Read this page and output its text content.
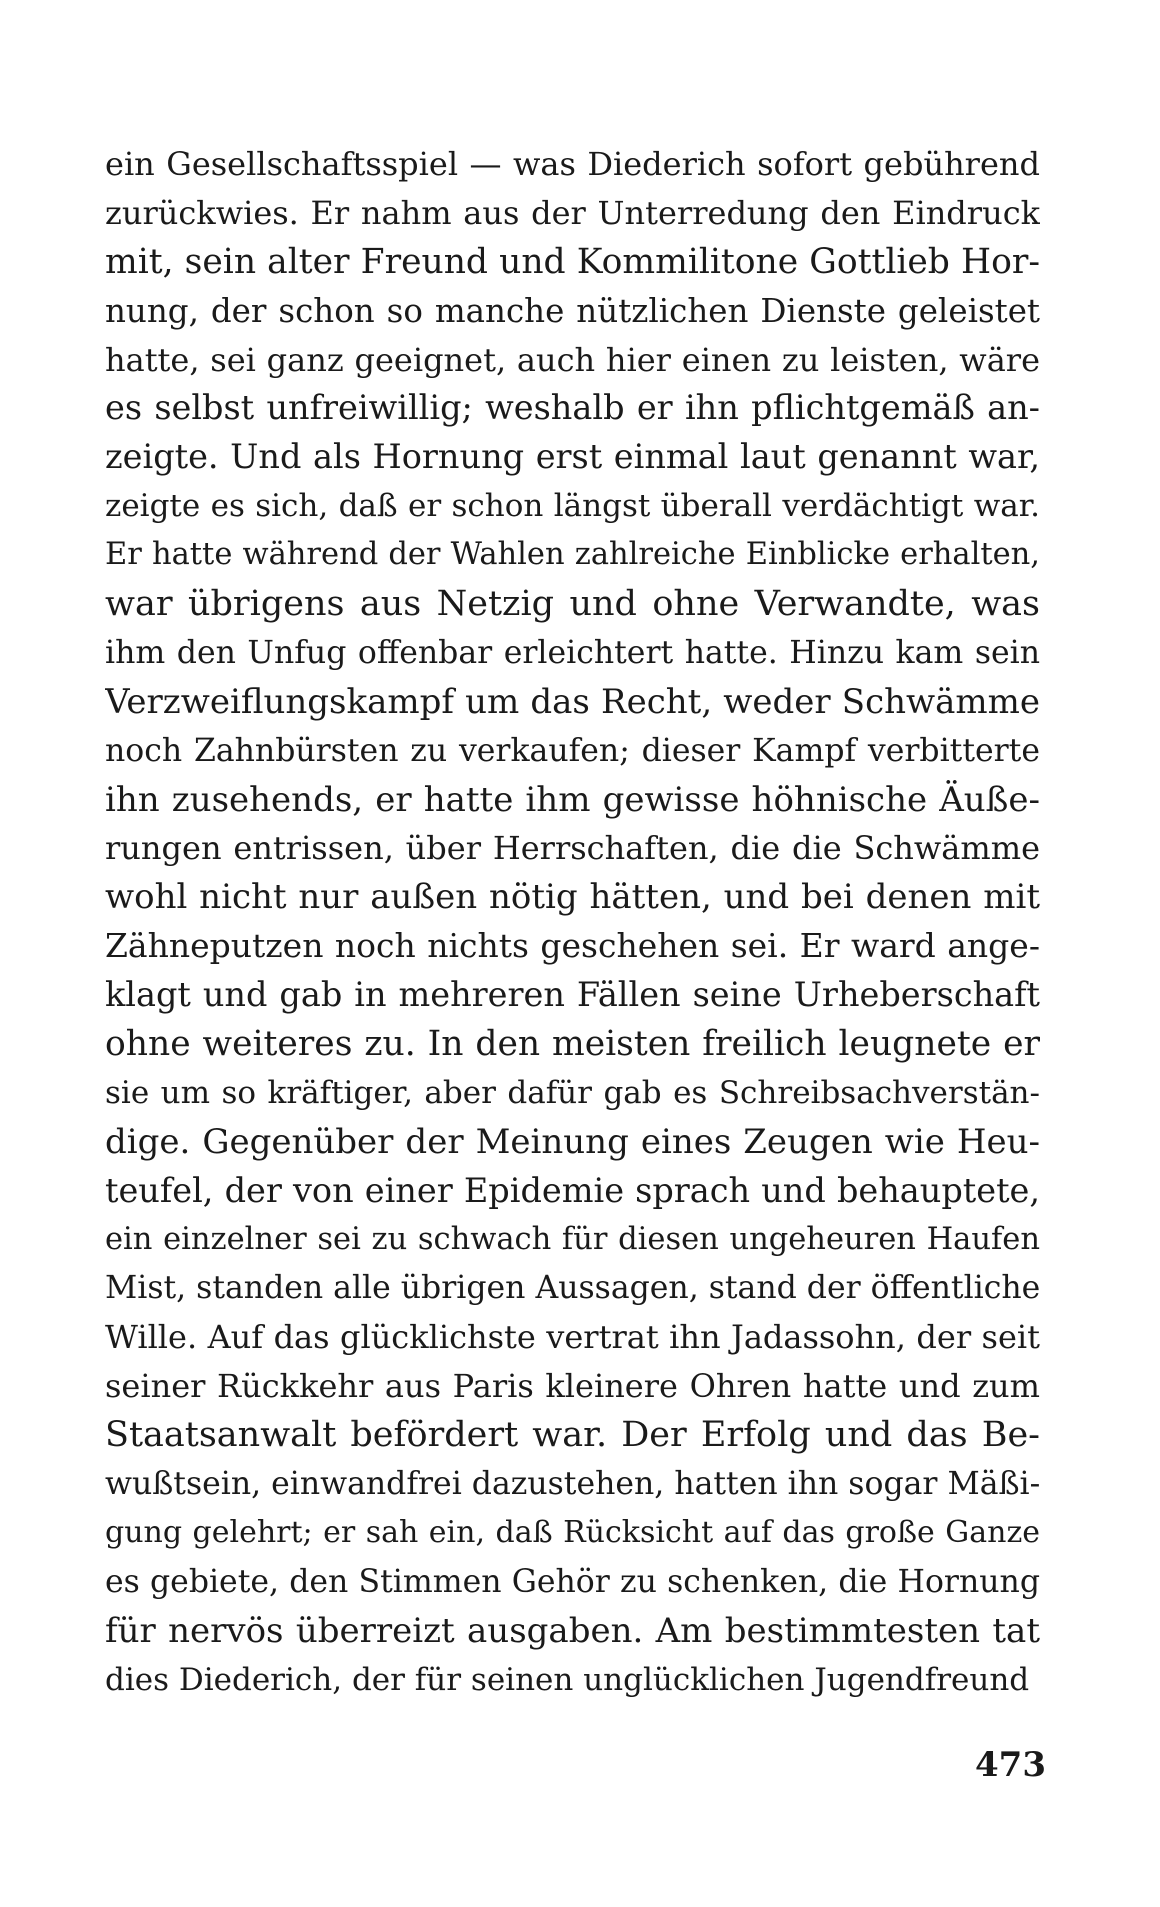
ein Gesellschaftsspiel — was Diederich sofort gebührend
zurückwies. Er nahm aus der Unterredung den Eindruck
mit, sein alter Freund und Kommilitone Gottlieb Hor-
nung, der schon so manche nützlichen Dienste geleistet
hatte, sei ganz geeignet, auch hier einen zu leisten, wäre
es selbst unfreiwillig; weshalb er ihn pflichtgemäß an-
zeigte. Und als Hornung erst einmal laut genannt war,
zeigte es sich, daß er schon längst überall verdächtigt war.
Er hatte während der Wahlen zahlreiche Einblicke erhalten,
war übrigens aus Netzig und ohne Verwandte, was
ihm den Unfug offenbar erleichtert hatte. Hinzu kam sein
Verzweiflungskampf um das Recht, weder Schwämme
noch Zahnbürsten zu verkaufen; dieser Kampf verbitterte
ihn zusehends, er hatte ihm gewisse höhnische Äuße-
rungen entrissen, über Herrschaften, die die Schwämme
wohl nicht nur außen nötig hätten, und bei denen mit
Zähneputzen noch nichts geschehen sei. Er ward ange-
klagt und gab in mehreren Fällen seine Urheberschaft
ohne weiteres zu. In den meisten freilich leugnete er
sie um so kräftiger, aber dafür gab es Schreibsachverstän-
dige. Gegenüber der Meinung eines Zeugen wie Heu-
teufel, der von einer Epidemie sprach und behauptete,
ein einzelner sei zu schwach für diesen ungeheuren Haufen
Mist, standen alle übrigen Aussagen, stand der öffentliche
Wille. Auf das glücklichste vertrat ihn Jadassohn, der seit
seiner Rückkehr aus Paris kleinere Ohren hatte und zum
Staatsanwalt befördert war. Der Erfolg und das Be-
wußtsein, einwandfrei dazustehen, hatten ihn sogar Mäßi-
gung gelehrt; er sah ein, daß Rücksicht auf das große Ganze
es gebiete, den Stimmen Gehör zu schenken, die Hornung
für nervös überreizt ausgaben. Am bestimmtesten tat
dies Diederich, der für seinen unglücklichen Jugendfreund
473
